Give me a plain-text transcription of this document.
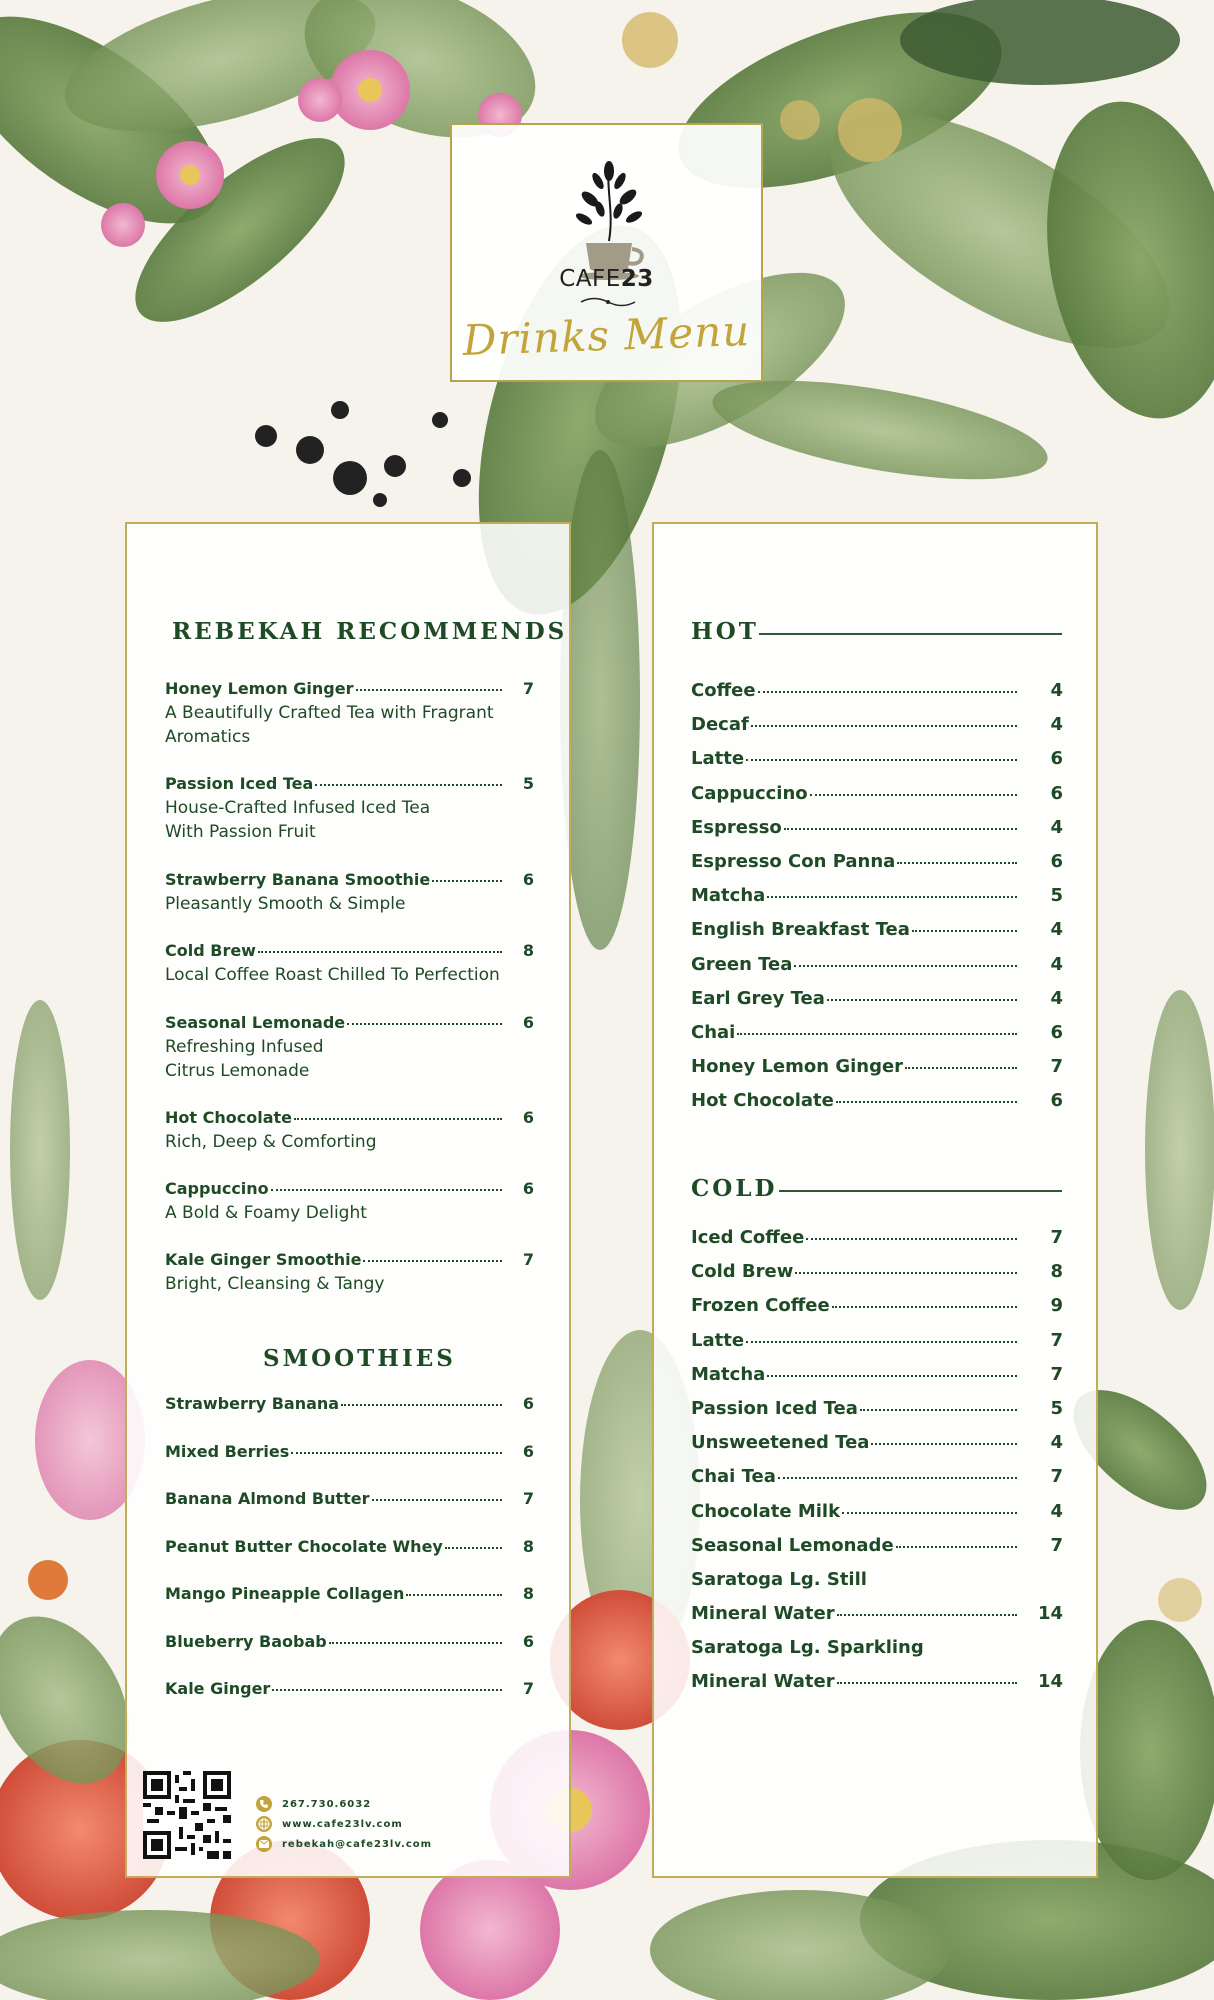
CAFE23
Drinks Menu
REBEKAH RECOMMENDS
Honey Lemon Ginger	7
A Beautifully Crafted Tea with Fragrant
Aromatics
Passion Iced Tea	5
House-Crafted Infused Iced Tea
With Passion Fruit
Strawberry Banana Smoothie	6
Pleasantly Smooth & Simple
Cold Brew	8
Local Coffee Roast Chilled To Perfection
Seasonal Lemonade	6
Refreshing Infused
Citrus Lemonade
Hot Chocolate	6
Rich, Deep & Comforting
Cappuccino	6
A Bold & Foamy Delight
Kale Ginger Smoothie	7
Bright, Cleansing & Tangy
SMOOTHIES
Strawberry Banana	6
Mixed Berries	6
Banana Almond Butter	7
Peanut Butter Chocolate Whey	8
Mango Pineapple Collagen	8
Blueberry Baobab	6
Kale Ginger	7
267.730.6032
www.cafe23lv.com
rebekah@cafe23lv.com
HOT
Coffee	4
Decaf	4
Latte	6
Cappuccino	6
Espresso	4
Espresso Con Panna	6
Matcha	5
English Breakfast Tea	4
Green Tea	4
Earl Grey Tea	4
Chai	6
Honey Lemon Ginger	7
Hot Chocolate	6
COLD
Iced Coffee	7
Cold Brew	8
Frozen Coffee	9
Latte	7
Matcha	7
Passion Iced Tea	5
Unsweetened Tea	4
Chai Tea	7
Chocolate Milk	4
Seasonal Lemonade	7
Saratoga Lg. Still
Mineral Water	14
Saratoga Lg. Sparkling
Mineral Water	14
